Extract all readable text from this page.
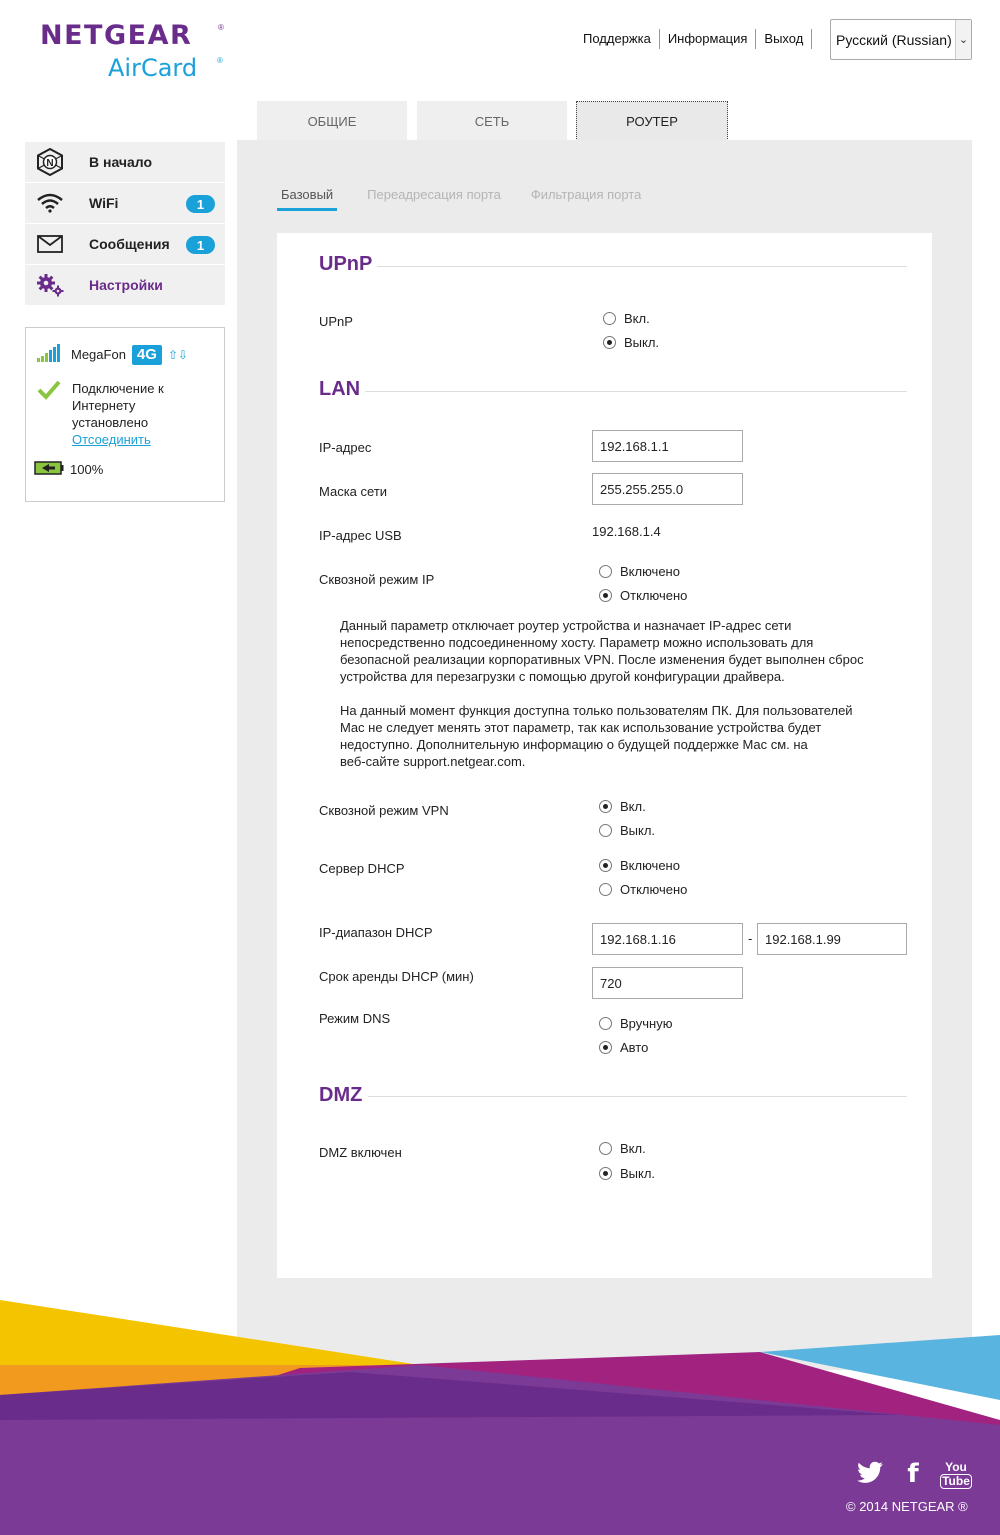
NETGEAR	®
AirCard ®
Поддержка	Информация	Выход	Русский (Russian) ⌄
ОБЩИЕ	СЕТЬ	РОУТЕР
N	В начало
WiFi	1
Сообщения	1
Настройки
MegaFon 4G ⇧⇩
Подключение к
Интернету
установлено
Отсоединить
100%
Базовый	Переадресация порта Фильтрация порта
UPnP
UPnP	Вкл.
Выкл.
LAN
IP-адрес	192.168.1.1
Маска сети	255.255.255.0
IP-адрес USB	192.168.1.4
Сквозной режим IP
Включено
Отключено
Данный параметр отключает роутер устройства и назначает IP-адрес сети
непосредственно подсоединенному хосту. Параметр можно использовать для
безопасной реализации корпоративных VPN. После изменения будет выполнен сброс
устройства для перезагрузки с помощью другой конфигурации драйвера.
На данный момент функция доступна только пользователям ПК. Для пользователей
Mac не следует менять этот параметр, так как использование устройства будет
недоступно. Дополнительную информацию о будущей поддержке Mac см. на
веб-сайте support.netgear.com.
Сквозной режим VPN	Вкл.
Выкл.
Сервер DHCP	Включено
Отключено
IP-диапазон DHCP	192.168.1.16	- 192.168.1.99
Срок аренды DHCP (мин)	720
Режим DNS	Вручную
Авто
DMZ
DMZ включен	Вкл.
Выкл.
f	You
Tube
© 2014 NETGEAR ®
